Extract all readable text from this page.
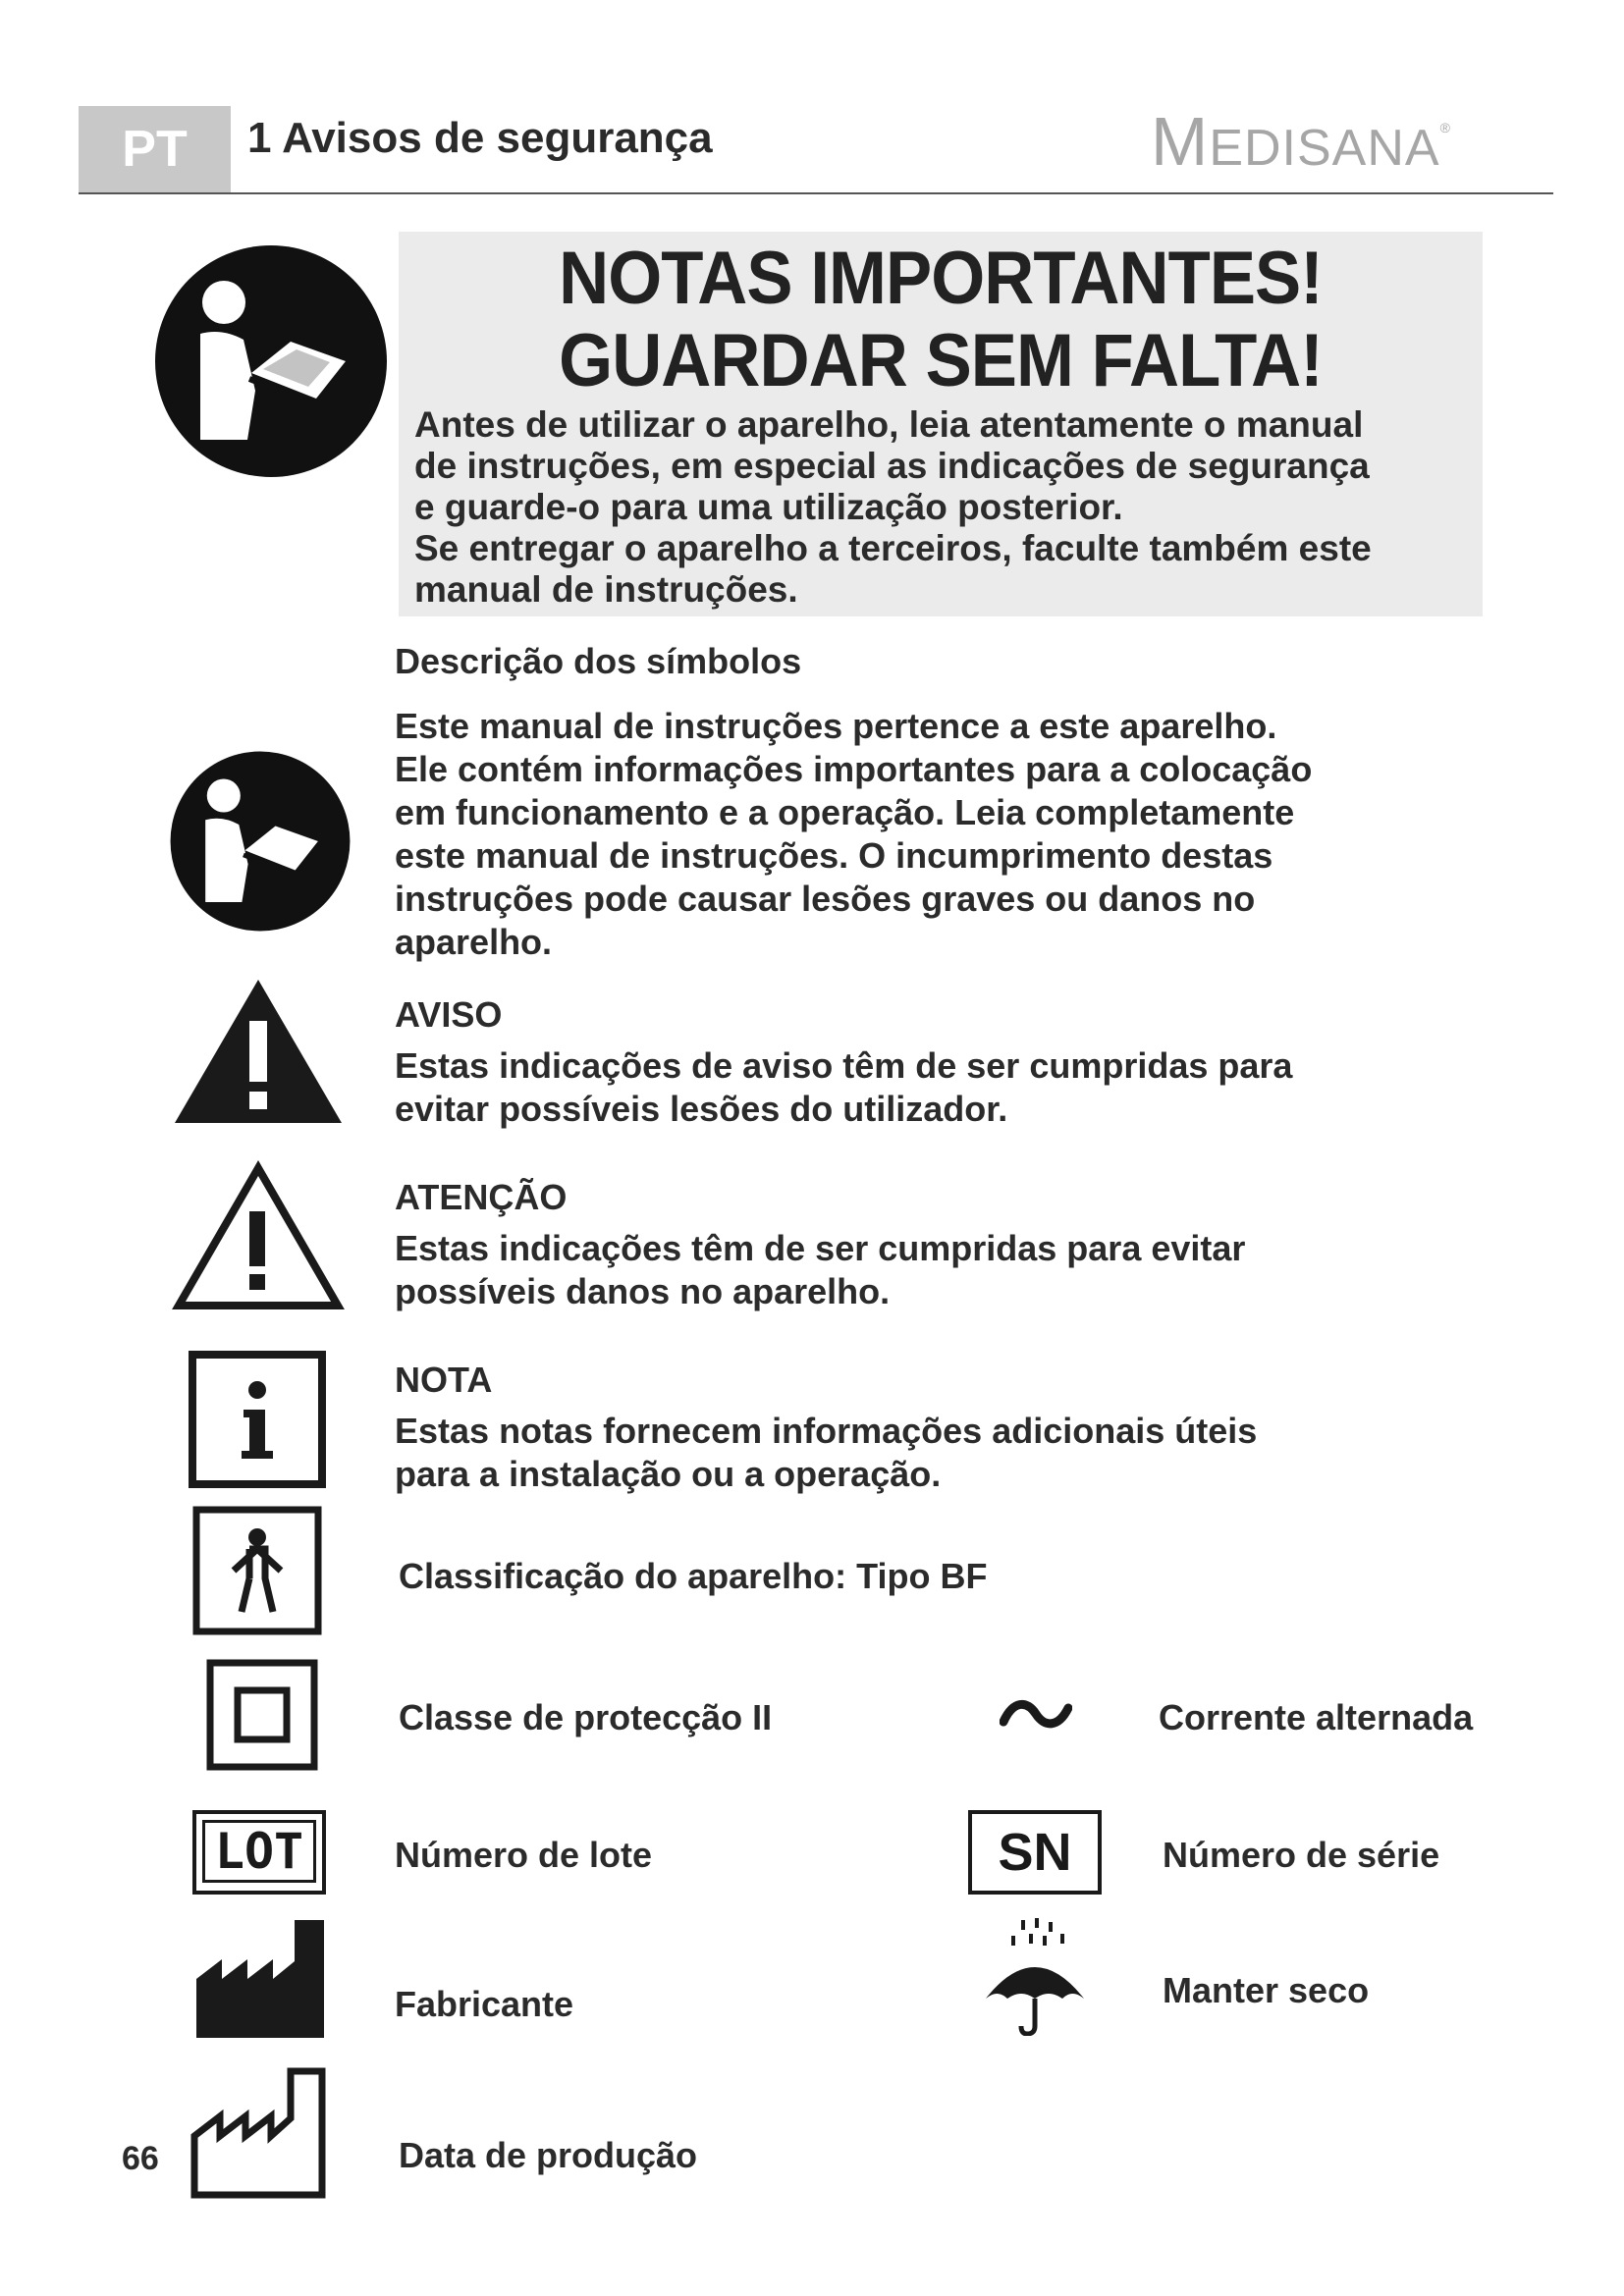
PT	1 Avisos de segurança	MEDISANA®
NOTAS IMPORTANTES!
GUARDAR SEM FALTA!
Antes de utilizar o aparelho, leia atentamente o manual
de instruções, em especial as indicações de segurança
e guarde-o para uma utilização posterior.
Se entregar o aparelho a terceiros, faculte também este
manual de instruções.
Descrição dos símbolos
Este manual de instruções pertence a este aparelho.
Ele contém informações importantes para a colocação
em funcionamento e a operação. Leia completamente
este manual de instruções. O incumprimento destas
instruções pode causar lesões graves ou danos no
aparelho.
AVISO
Estas indicações de aviso têm de ser cumpridas para
evitar possíveis lesões do utilizador.
ATENÇÃO
Estas indicações têm de ser cumpridas para evitar
possíveis danos no aparelho.
NOTA
Estas notas fornecem informações adicionais úteis
para a instalação ou a operação.
Classificação do aparelho: Tipo BF
Classe de protecção II	Corrente alternada
LOT	Número de lote	SN	Número de série
Fabricante	Manter seco
Data de produção
66
